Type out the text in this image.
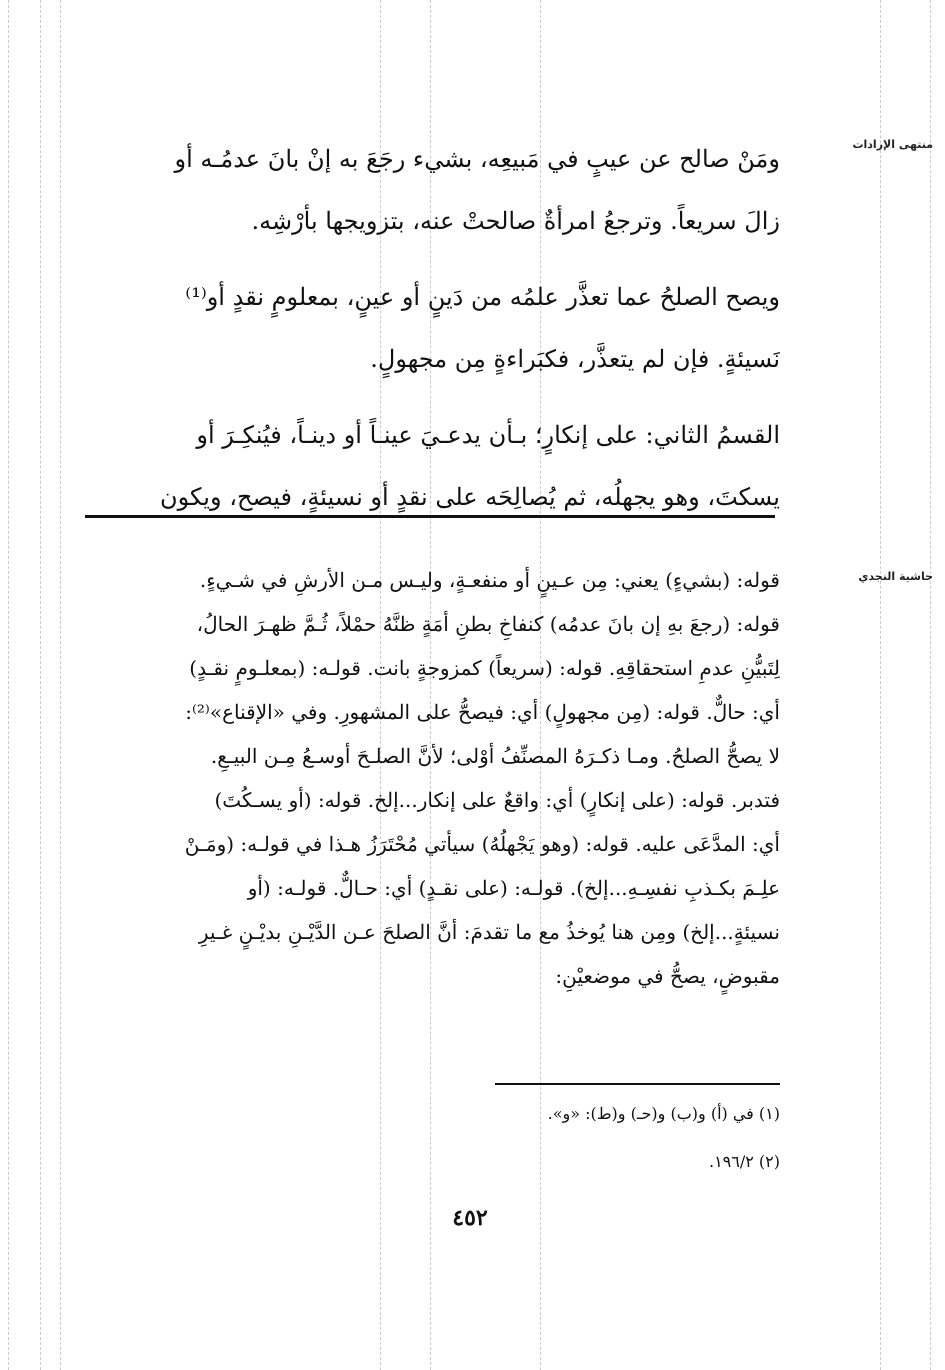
منتهى الإرادات
حاشية النجدي

ومَنْ صالح عن عيبٍ في مَبيعِه، بشيء رجَعَ به إنْ بانَ عدمُـه أو
زالَ سريعاً. وترجعُ امرأةٌ صالحتْ عنه، بتزويجها بأرْشِه.

ويصح الصلحُ عما تعذَّر علمُه من دَينٍ أو عينٍ، بمعلومٍ نقدٍ أو⁽¹⁾
نَسيئةٍ. فإن لم يتعذَّر، فكبَراءةٍ مِن مجهولٍ.

القسمُ الثاني: على إنكارٍ؛ بـأن يدعـيَ عينـاً أو دينـاً، فيُنكِـرَ أو
يسكتَ، وهو يجهلُه، ثم يُصالِحَه على نقدٍ أو نسيئةٍ، فيصح، ويكون

قوله: (بشيءٍ) يعني: مِن عـينٍ أو منفعـةٍ، وليـس مـن الأرشِ في شـيءٍ.
قوله: (رجعَ بهِ إن بانَ عدمُه) كنفاخِ بطنِ أمَةٍ ظنَّهُ حمْلاً، ثُـمَّ ظهـرَ الحالُ،
لِتَبيُّنِ عدمِ استحقاقِهِ. قوله: (سريعاً) كمزوجةٍ بانت. قولـه: (بمعلـومٍ نقـدٍ)
أي: حالٌّ. قوله: (مِن مجهولٍ) أي: فيصحُّ على المشهورِ. وفي «الإقناع»⁽²⁾:
لا يصحُّ الصلحُ. ومـا ذكـرَهُ المصنِّفُ أوْلى؛ لأنَّ الصلـحَ أوسـعُ مِـن البيـعِ.
فتدبر. قوله: (على إنكارٍ) أي: واقعٌ على إنكار...إلخ. قوله: (أو يسـكُتَ)
أي: المدَّعَى عليه. قوله: (وهو يَجْهلُهُ) سيأتي مُحْتَرَزُ هـذا في قولـه: (ومَـنْ
علِـمَ بكـذبِ نفسِـهِ...إلخ). قولـه: (على نقـدٍ) أي: حـالٌّ. قولـه: (أو
نسيئةٍ...إلخ) ومِن هنا يُوخذُ مع ما تقدمَ: أنَّ الصلحَ عـن الدَّيْـنِ بديْـنٍ غـيرِ
مقبوضٍ، يصحُّ في موضعيْنِ:
(١) في (أ) و(ب) و(حـ) و(ط): «و».
(٢) ١٩٦/٢.
٤٥٢
